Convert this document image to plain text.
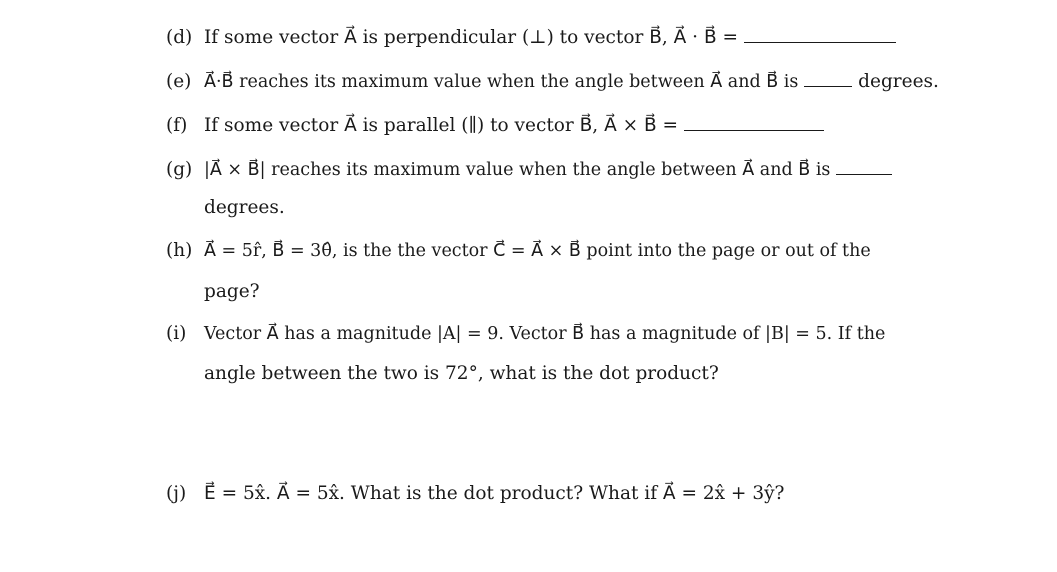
(d) If some vector A⃗ is perpendicular (⊥) to vector B⃗, A⃗ · B⃗ =
(e) A⃗·B⃗ reaches its maximum value when the angle between A⃗ and B⃗ is	degrees.
(f) If some vector A⃗ is parallel (∥) to vector B⃗, A⃗ × B⃗ =
(g) |A⃗ × B⃗| reaches its maximum value when the angle between A⃗ and B⃗ is
degrees.
(h) A⃗ = 5r̂, B⃗ = 3θ̂, is the the vector C⃗ = A⃗ × B⃗ point into the page or out of the
page?
(i) Vector A⃗ has a magnitude |A| = 9. Vector B⃗ has a magnitude of |B| = 5. If the
angle between the two is 72°, what is the dot product?
(j) E⃗ = 5x̂. A⃗ = 5x̂. What is the dot product? What if A⃗ = 2x̂ + 3ŷ?
